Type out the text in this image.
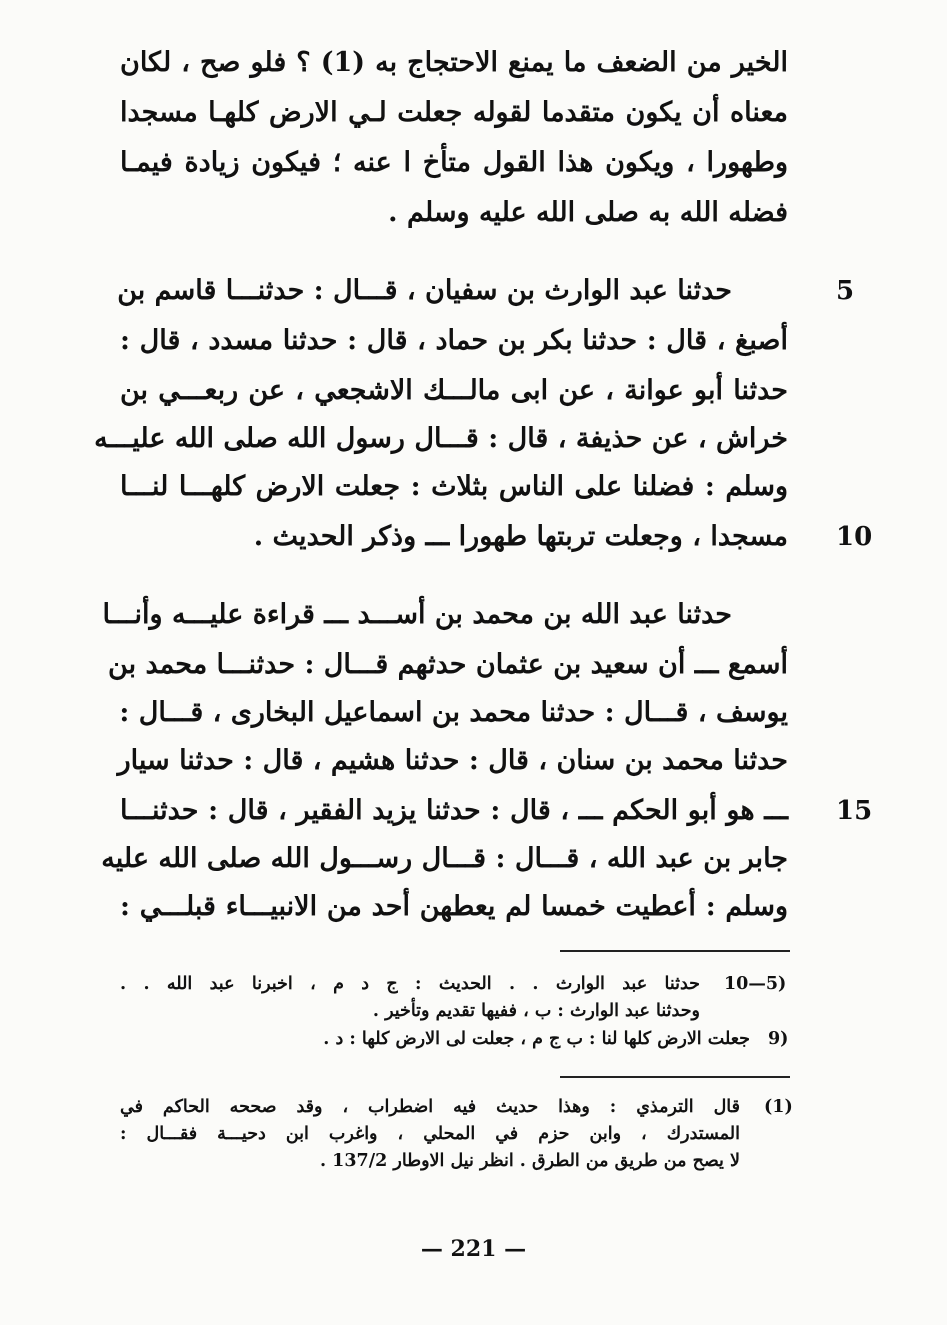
الخير من الضعف ما يمنع الاحتجاج به (1) ؟ فلو صح ، لكان
معناه أن يكون متقدما لقوله جعلت لـي الارض كلهـا مسجدا
وطهورا ، ويكون هذا القول متأخ ا عنه ؛ فيكون زيادة فيمـا
فضله الله به صلى الله عليه وسلم .
حدثنا عبد الوارث بن سفيان ، قـــال : حدثنـــا قاسم بن
أصبغ ، قال : حدثنا بكر بن حماد ، قال : حدثنا مسدد ، قال :
حدثنا أبو عوانة ، عن ابى مالـــك الاشجعي ، عن ربعـــي بن
خراش ، عن حذيفة ، قال : قـــال رسول الله صلى الله عليـــه
وسلم : فضلنا على الناس بثلاث : جعلت الارض كلهـــا لنـــا
مسجدا ، وجعلت تربتها طهورا ـــ وذكر الحديث .
حدثنا عبد الله بن محمد بن أســـد ـــ قراءة عليـــه وأنـــا
أسمع ـــ أن سعيد بن عثمان حدثهم قـــال : حدثنـــا محمد بن
يوسف ، قـــال : حدثنا محمد بن اسماعيل البخارى ، قـــال :
حدثنا محمد بن سنان ، قال : حدثنا هشيم ، قال : حدثنا سيار
ـــ هو أبو الحكم ـــ ، قال : حدثنا يزيد الفقير ، قال : حدثنـــا
جابر بن عبد الله ، قـــال : قـــال رســـول الله صلى الله عليه
وسلم : أعطيت خمسا لم يعطهن أحد من الانبيـــاء قبلـــي :
5
10
15
حدثنا عبد الوارث . . الحديث : ج د م ، اخبرنا عبد الله . . 10—5)
وحدثنا عبد الوارث : ب ، ففيها تقديم وتأخير .
جعلت الارض كلها لنا : ب ج م ، جعلت لى الارض كلها : د . 9)
(1)
قال الترمذي : وهذا حديث فيه اضطراب ، وقد صححه الحاكم في
المستدرك ، وابن حزم في المحلي ، واغرب ابن دحيـــة فقـــال :
لا يصح من طريق من الطرق . انظر نيل الاوطار 137/2 .
— 221 —
